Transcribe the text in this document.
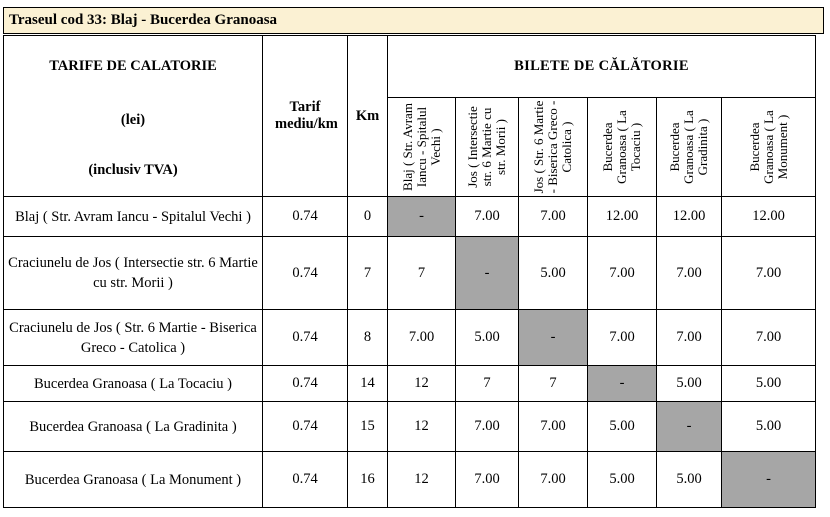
Traseul cod 33: Blaj - Bucerdea Granoasa
TARIFE DE CALATORIE
(lei)
(inclusiv TVA)	Tarif mediu/km	Km	BILETE DE CĂLĂTORIE					

			Blaj ( Str. Avram Iancu - Spitalul Vechi )	Jos ( Intersectie str. 6 Martie cu str. Morii )	Jos ( Str. 6 Martie - Biserica Greco - Catolica )	Bucerdea Granoasa ( La Tocaciu )	Bucerdea Granoasa ( La Gradinita )	Bucerdea Granoasa ( La Monument )

Blaj ( Str. Avram Iancu - Spitalul Vechi )	0.74	0	-	7.00	7.00	12.00	12.00	12.00
Craciunelu de Jos ( Intersectie str. 6 Martie cu str. Morii )	0.74	7	7	-	5.00	7.00	7.00	7.00
Craciunelu de Jos ( Str. 6 Martie - Biserica Greco - Catolica )	0.74	8	7.00	5.00	-	7.00	7.00	7.00
Bucerdea Granoasa ( La Tocaciu )	0.74	14	12	7	7	-	5.00	5.00
Bucerdea Granoasa ( La Gradinita )	0.74	15	12	7.00	7.00	5.00	-	5.00
Bucerdea Granoasa ( La Monument )	0.74	16	12	7.00	7.00	5.00	5.00	-
